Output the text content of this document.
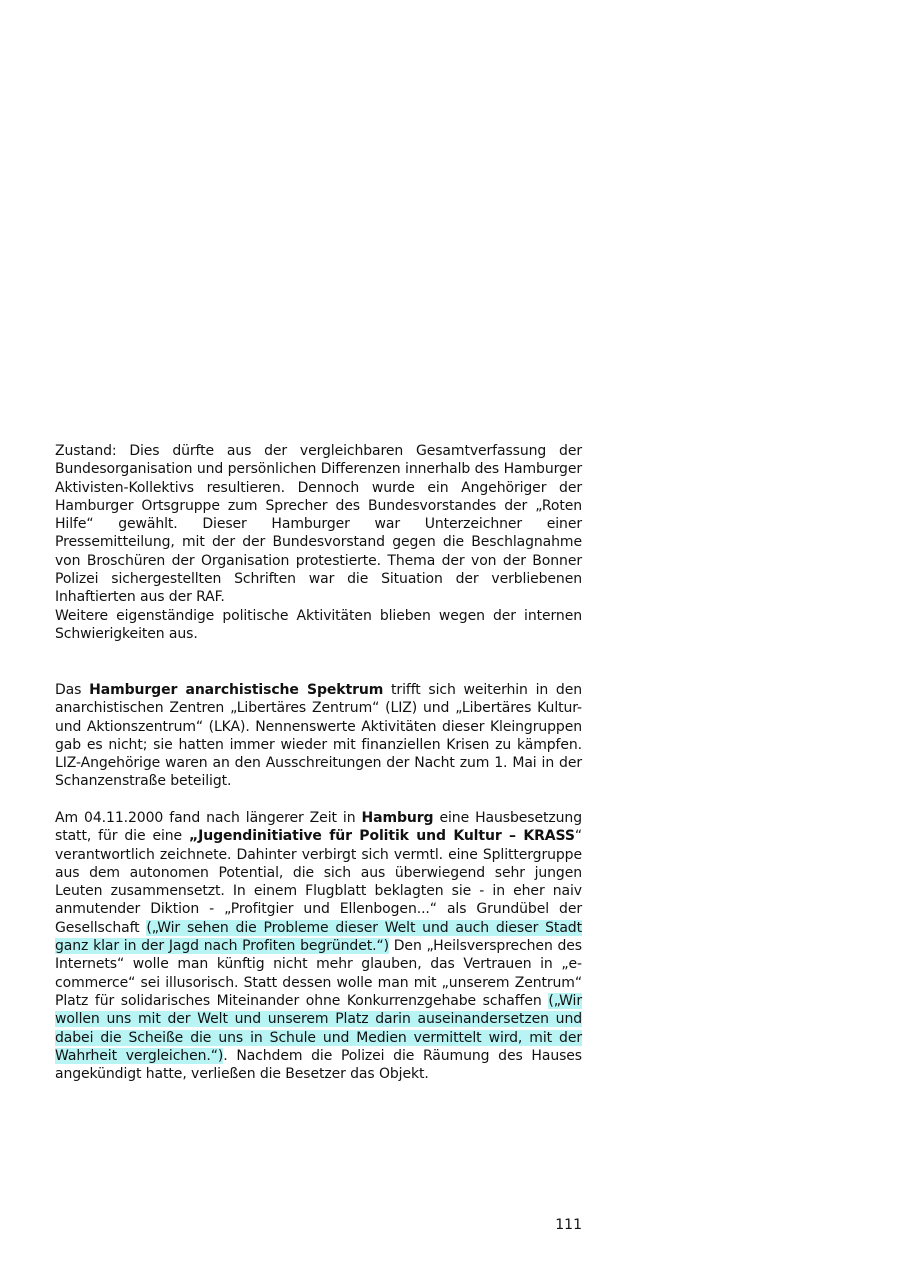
Zustand: Dies dürfte aus der vergleichbaren Gesamtverfassung der Bundesorganisation und persönlichen Differenzen innerhalb des Hamburger Aktivisten-Kollektivs resultieren. Dennoch wurde ein Angehöriger der Hamburger Ortsgruppe zum Sprecher des Bundesvorstandes der „Roten Hilfe“ gewählt. Dieser Hamburger war Unterzeichner einer Pressemitteilung, mit der der Bundesvorstand gegen die Beschlagnahme von Broschüren der Organisation protestierte. Thema der von der Bonner Polizei sichergestellten Schriften war die Situation der verbliebenen Inhaftierten aus der RAF.

Weitere eigenständige politische Aktivitäten blieben wegen der internen Schwierigkeiten aus.

Das Hamburger anarchistische Spektrum trifft sich weiterhin in den anarchistischen Zentren „Libertäres Zentrum“ (LIZ) und „Libertäres Kultur- und Aktionszentrum“ (LKA). Nennenswerte Aktivitäten dieser Kleingruppen gab es nicht; sie hatten immer wieder mit finanziellen Krisen zu kämpfen. LIZ-Angehörige waren an den Ausschreitungen der Nacht zum 1. Mai in der Schanzenstraße beteiligt.

Am 04.11.2000 fand nach längerer Zeit in Hamburg eine Hausbesetzung statt, für die eine „Jugendinitiative für Politik und Kultur – KRASS“ verantwortlich zeichnete. Dahinter verbirgt sich vermtl. eine Splittergruppe aus dem autonomen Potential, die sich aus überwiegend sehr jungen Leuten zusammensetzt. In einem Flugblatt beklagten sie - in eher naiv anmutender Diktion - „Profitgier und Ellenbogen...“ als Grundübel der Gesellschaft („Wir sehen die Probleme dieser Welt und auch dieser Stadt ganz klar in der Jagd nach Profiten begründet.“) Den „Heilsversprechen des Internets“ wolle man künftig nicht mehr glauben, das Vertrauen in „e-commerce“ sei illusorisch. Statt dessen wolle man mit „unserem Zentrum“ Platz für solidarisches Miteinander ohne Konkurrenzgehabe schaffen („Wir wollen uns mit der Welt und unserem Platz darin auseinandersetzen und dabei die Scheiße die uns in Schule und Medien vermittelt wird, mit der Wahrheit vergleichen.“). Nachdem die Polizei die Räumung des Hauses angekündigt hatte, verließen die Besetzer das Objekt.

111
